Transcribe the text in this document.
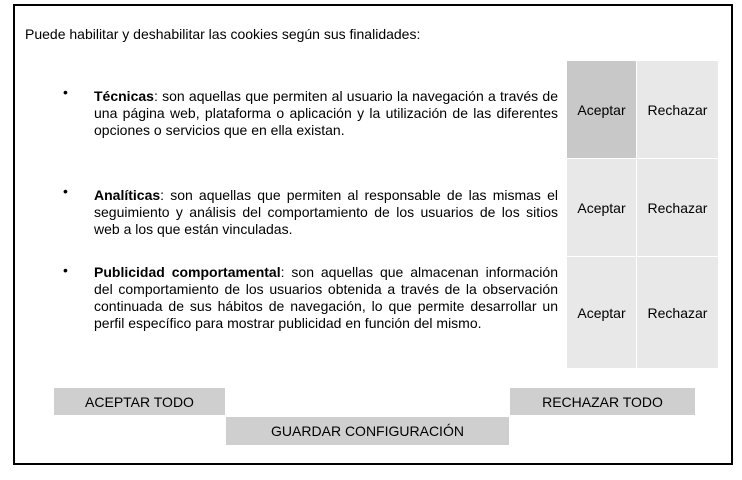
Puede habilitar y deshabilitar las cookies según sus finalidades:
• Técnicas: son aquellas que permiten al usuario la navegación a través de una página web, plataforma o aplicación y la utilización de las diferentes opciones o servicios que en ella existan.
Aceptar	Rechazar
• Analíticas: son aquellas que permiten al responsable de las mismas el seguimiento y análisis del comportamiento de los usuarios de los sitios web a los que están vinculadas.
Aceptar	Rechazar
• Publicidad comportamental: son aquellas que almacenan información del comportamiento de los usuarios obtenida a través de la observación continuada de sus hábitos de navegación, lo que permite desarrollar un perfil específico para mostrar publicidad en función del mismo.
Aceptar	Rechazar
ACEPTAR TODO	RECHAZAR TODO
GUARDAR CONFIGURACIÓN
